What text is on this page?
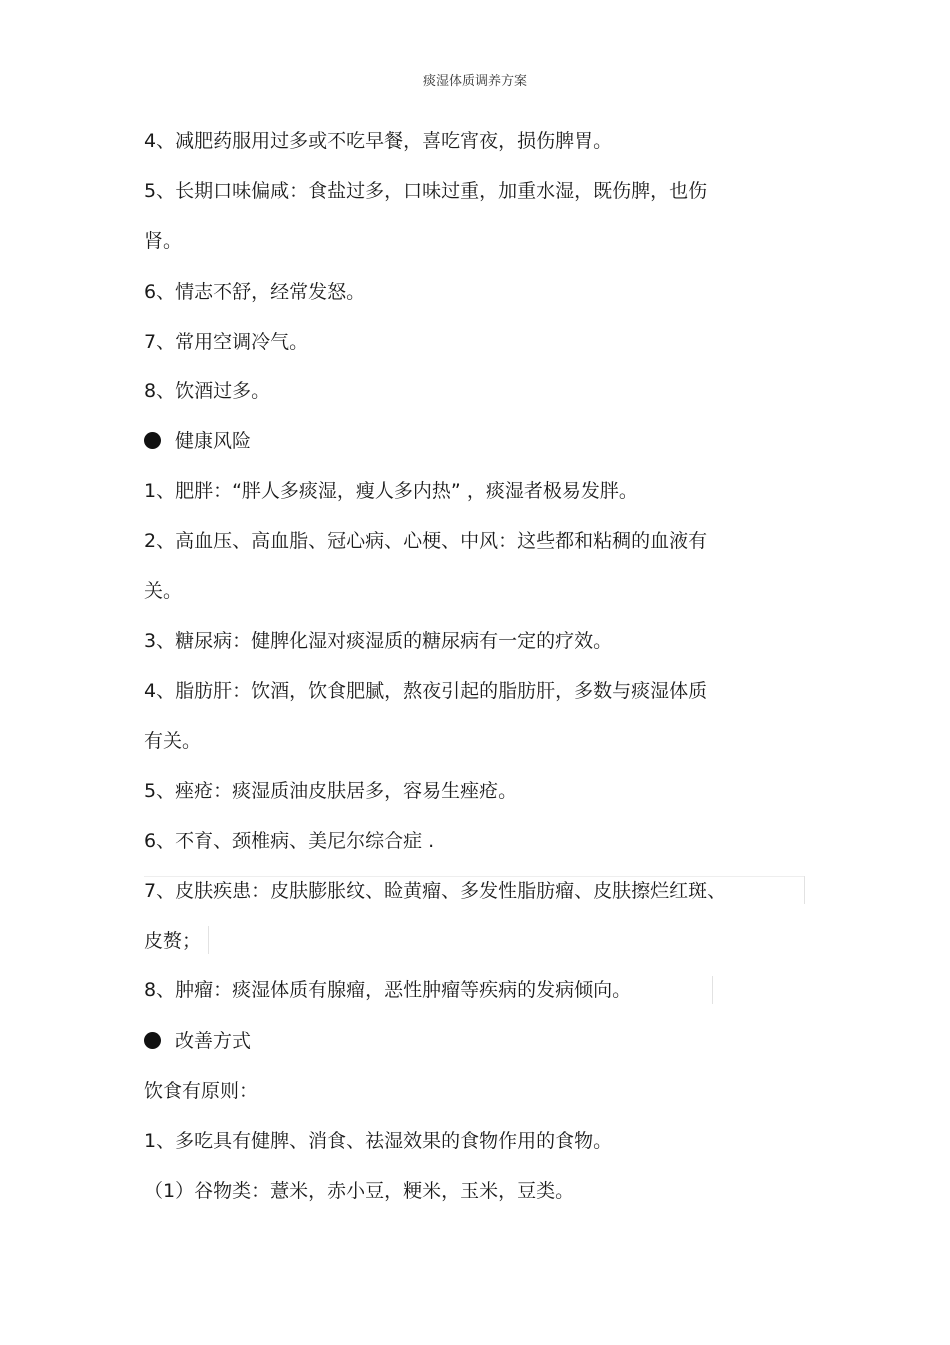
痰湿体质调养方案
4、减肥药服用过多或不吃早餐，喜吃宵夜，损伤脾胃。
5、长期口味偏咸：食盐过多，口味过重，加重水湿，既伤脾，也伤
肾。
6、情志不舒，经常发怒。
7、常用空调冷气。
8、饮酒过多。
健康风险
1、肥胖：“胖人多痰湿，瘦人多内热” ，痰湿者极易发胖。
2、高血压、高血脂、冠心病、心梗、中风：这些都和粘稠的血液有
关。
3、糖尿病：健脾化湿对痰湿质的糖尿病有一定的疗效。
4、脂肪肝：饮酒，饮食肥腻，熬夜引起的脂肪肝，多数与痰湿体质
有关。
5、痤疮：痰湿质油皮肤居多，容易生痤疮。
6、不育、颈椎病、美尼尔综合症 .
7、皮肤疾患：皮肤膨胀纹、睑黄瘤、多发性脂肪瘤、皮肤擦烂红斑、
皮赘；
8、肿瘤：痰湿体质有腺瘤，恶性肿瘤等疾病的发病倾向。
改善方式
饮食有原则：
1、多吃具有健脾、消食、祛湿效果的食物作用的食物。
（1）谷物类：薏米，赤小豆，粳米，玉米，豆类。
